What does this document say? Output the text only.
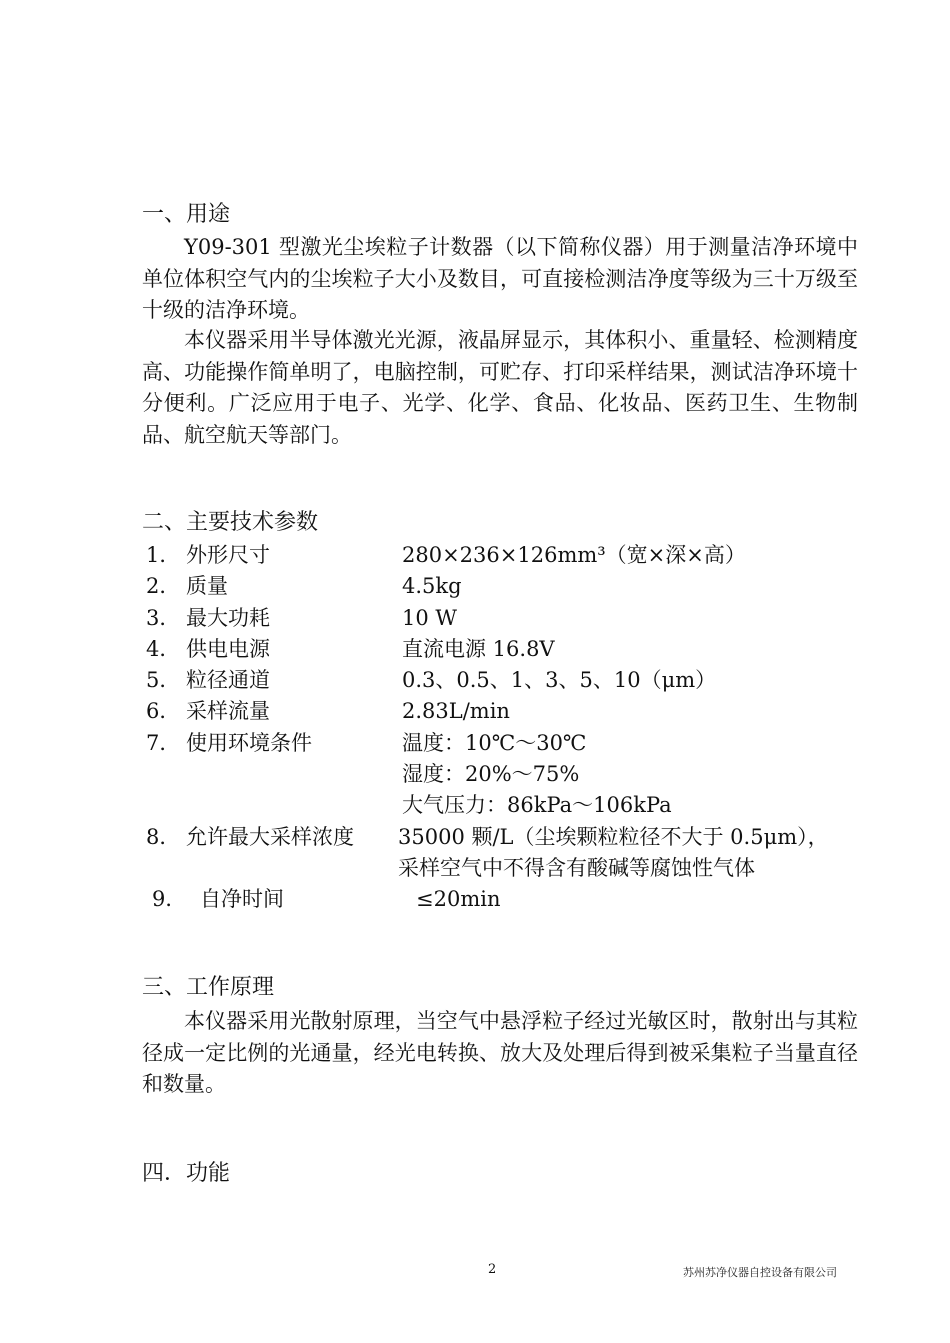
一、用途
Y09-301 型激光尘埃粒子计数器（以下简称仪器）用于测量洁净环境中单位体积空气内的尘埃粒子大小及数目，可直接检测洁净度等级为三十万级至十级的洁净环境。
本仪器采用半导体激光光源，液晶屏显示，其体积小、重量轻、检测精度高、功能操作简单明了，电脑控制，可贮存、打印采样结果，测试洁净环境十分便利。广泛应用于电子、光学、化学、食品、化妆品、医药卫生、生物制品、航空航天等部门。
二、主要技术参数
1． 外形尺寸	280×236×126mm³（宽×深×高）
2． 质量	4.5kg
3． 最大功耗	10 W
4． 供电电源	直流电源 16.8V
5． 粒径通道	0.3、0.5、1、3、5、10（μm）
6． 采样流量	2.83L/min
7． 使用环境条件	温度：10℃～30℃
湿度：20%～75%
大气压力：86kPa～106kPa
8． 允许最大采样浓度	35000 颗/L（尘埃颗粒粒径不大于 0.5μm），
采样空气中不得含有酸碱等腐蚀性气体
9． 自净时间	≤20min
三、工作原理
本仪器采用光散射原理，当空气中悬浮粒子经过光敏区时，散射出与其粒径成一定比例的光通量，经光电转换、放大及处理后得到被采集粒子当量直径和数量。
四．功能
2	苏州苏净仪器自控设备有限公司
